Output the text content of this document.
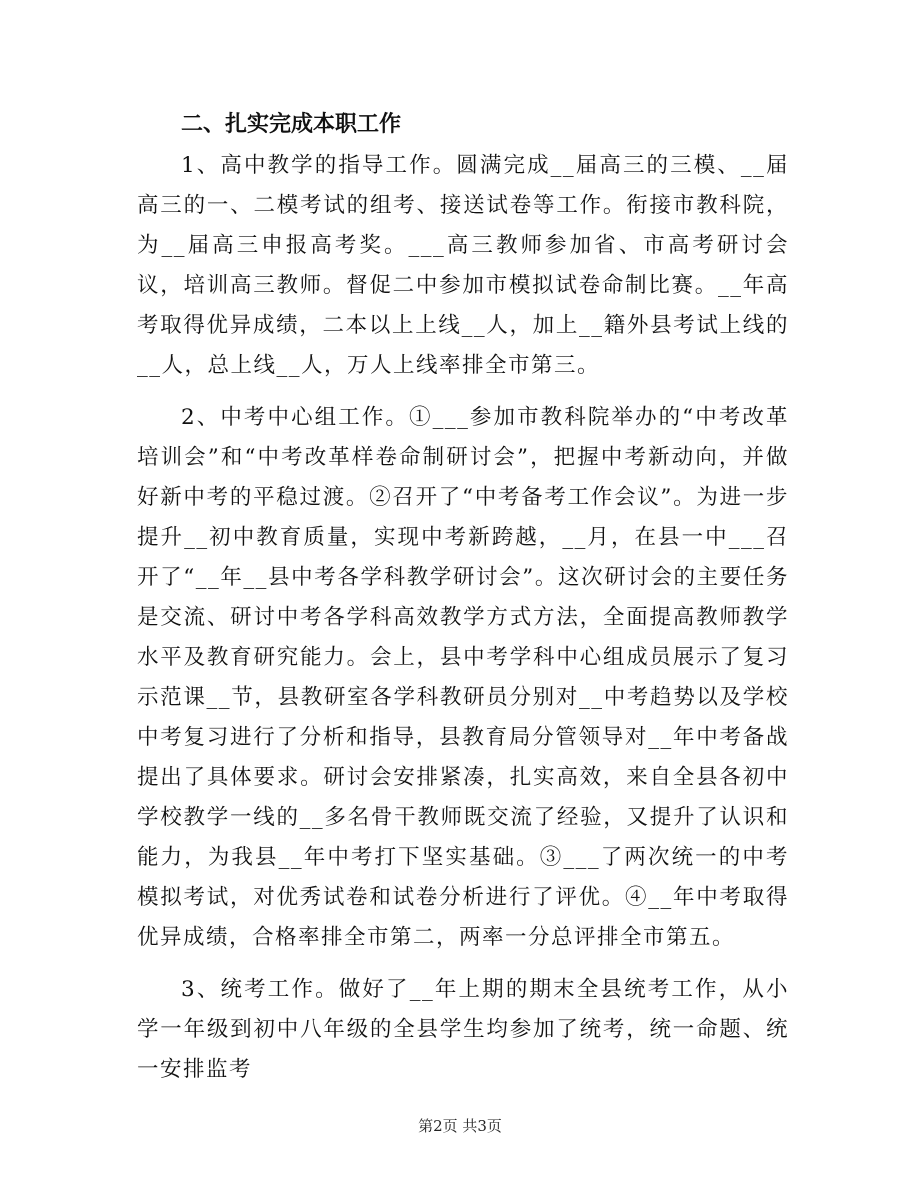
二、扎实完成本职工作

1、高中教学的指导工作。圆满完成__届高三的三模、__届高三的一、二模考试的组考、接送试卷等工作。衔接市教科院，为__届高三申报高考奖。___高三教师参加省、市高考研讨会议，培训高三教师。督促二中参加市模拟试卷命制比赛。__年高考取得优异成绩，二本以上上线__人，加上__籍外县考试上线的__人，总上线__人，万人上线率排全市第三。

2、中考中心组工作。①___参加市教科院举办的“中考改革培训会”和“中考改革样卷命制研讨会”，把握中考新动向，并做好新中考的平稳过渡。②召开了“中考备考工作会议”。为进一步提升__初中教育质量，实现中考新跨越，__月，在县一中___召开了“__年__县中考各学科教学研讨会”。这次研讨会的主要任务是交流、研讨中考各学科高效教学方式方法，全面提高教师教学水平及教育研究能力。会上，县中考学科中心组成员展示了复习示范课__节，县教研室各学科教研员分别对__中考趋势以及学校中考复习进行了分析和指导，县教育局分管领导对__年中考备战提出了具体要求。研讨会安排紧凑，扎实高效，来自全县各初中学校教学一线的__多名骨干教师既交流了经验，又提升了认识和能力，为我县__年中考打下坚实基础。③___了两次统一的中考模拟考试，对优秀试卷和试卷分析进行了评优。④__年中考取得优异成绩，合格率排全市第二，两率一分总评排全市第五。

3、统考工作。做好了__年上期的期末全县统考工作，从小学一年级到初中八年级的全县学生均参加了统考，统一命题、统一安排监考

第2页 共3页
